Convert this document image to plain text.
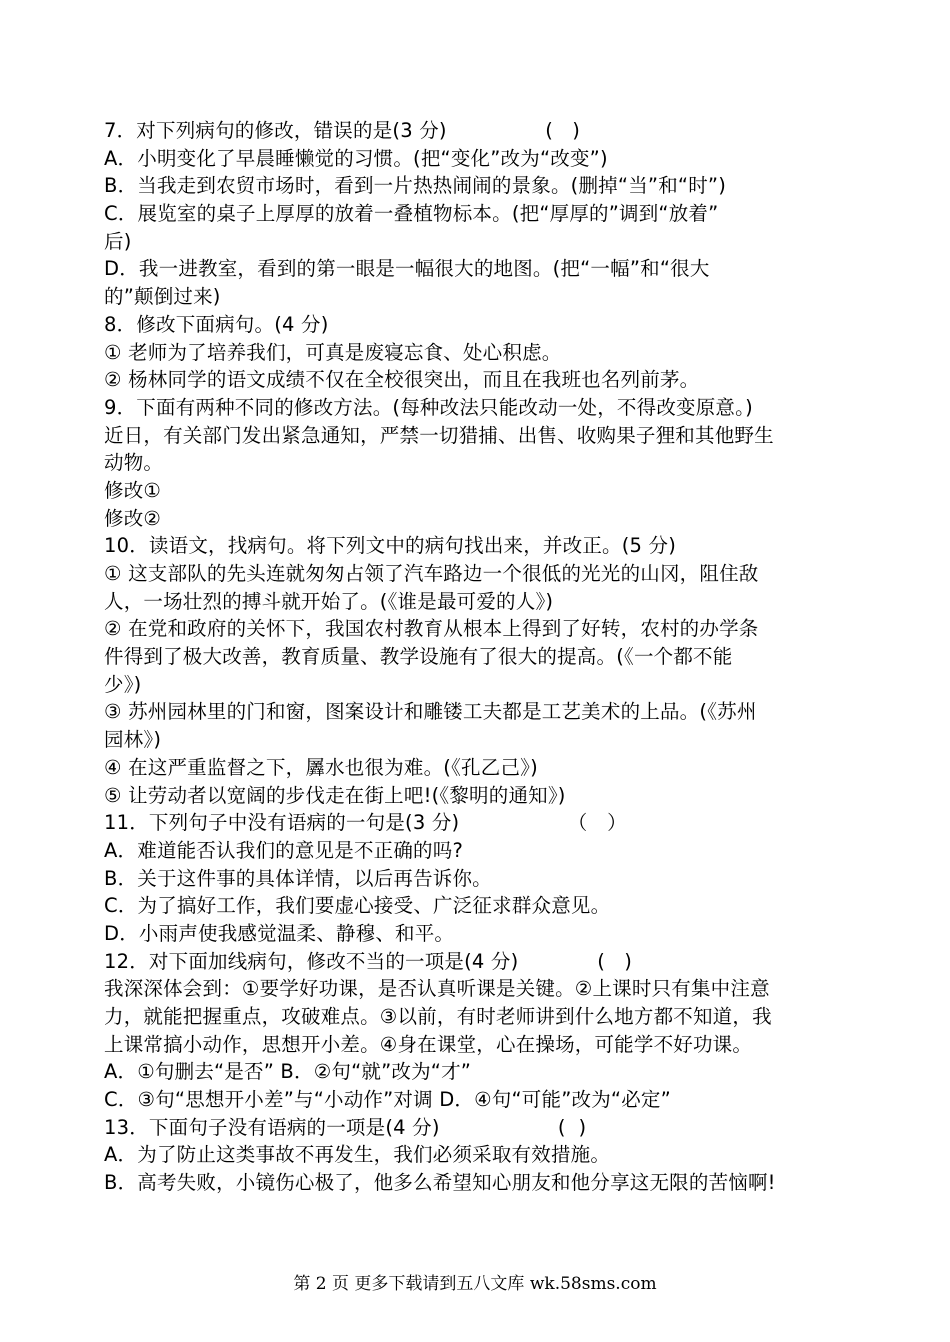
7．对下列病句的修改，错误的是(3 分)　　　　　(   )
A．小明变化了早晨睡懒觉的习惯。(把“变化”改为“改变”)
B．当我走到农贸市场时，看到一片热热闹闹的景象。(删掉“当”和“时”)
C．展览室的桌子上厚厚的放着一叠植物标本。(把“厚厚的”调到“放着”
后)
D．我一进教室，看到的第一眼是一幅很大的地图。(把“一幅”和“很大
的”颠倒过来)
8．修改下面病句。(4 分)
① 老师为了培养我们，可真是废寝忘食、处心积虑。
② 杨林同学的语文成绩不仅在全校很突出，而且在我班也名列前茅。
9．下面有两种不同的修改方法。(每种改法只能改动一处，不得改变原意。)
近日，有关部门发出紧急通知，严禁一切猎捕、出售、收购果子狸和其他野生
动物。
修改①
修改②
10．读语文，找病句。将下列文中的病句找出来，并改正。(5 分)
① 这支部队的先头连就匆匆占领了汽车路边一个很低的光光的山冈，阻住敌
人，一场壮烈的搏斗就开始了。(《谁是最可爱的人》)
② 在党和政府的关怀下，我国农村教育从根本上得到了好转，农村的办学条
件得到了极大改善，教育质量、教学设施有了很大的提高。(《一个都不能
少》)
③ 苏州园林里的门和窗，图案设计和雕镂工夫都是工艺美术的上品。(《苏州
园林》)
④ 在这严重监督之下，羼水也很为难。(《孔乙己》)
⑤ 让劳动者以宽阔的步伐走在街上吧!(《黎明的通知》)
11．下列句子中没有语病的一句是(3 分)　　　　　　（　）
A．难道能否认我们的意见是不正确的吗?
B．关于这件事的具体详情，以后再告诉你。
C．为了搞好工作，我们要虚心接受、广泛征求群众意见。
D．小雨声使我感觉温柔、静穆、和平。
12．对下面加线病句，修改不当的一项是(4 分)　　　　(   )
我深深体会到：①要学好功课，是否认真听课是关键。②上课时只有集中注意
力，就能把握重点，攻破难点。③以前，有时老师讲到什么地方都不知道，我
上课常搞小动作，思想开小差。④身在课堂，心在操场，可能学不好功课。
A．①句删去“是否” B．②句“就”改为“才”
C．③句“思想开小差”与“小动作”对调 D．④句“可能”改为“必定”
13．下面句子没有语病的一项是(4 分)　　　　　　(  )
A．为了防止这类事故不再发生，我们必须采取有效措施。
B．高考失败，小镜伤心极了，他多么希望知心朋友和他分享这无限的苦恼啊!
第 2 页 更多下载请到五八文库 wk.58sms.com
